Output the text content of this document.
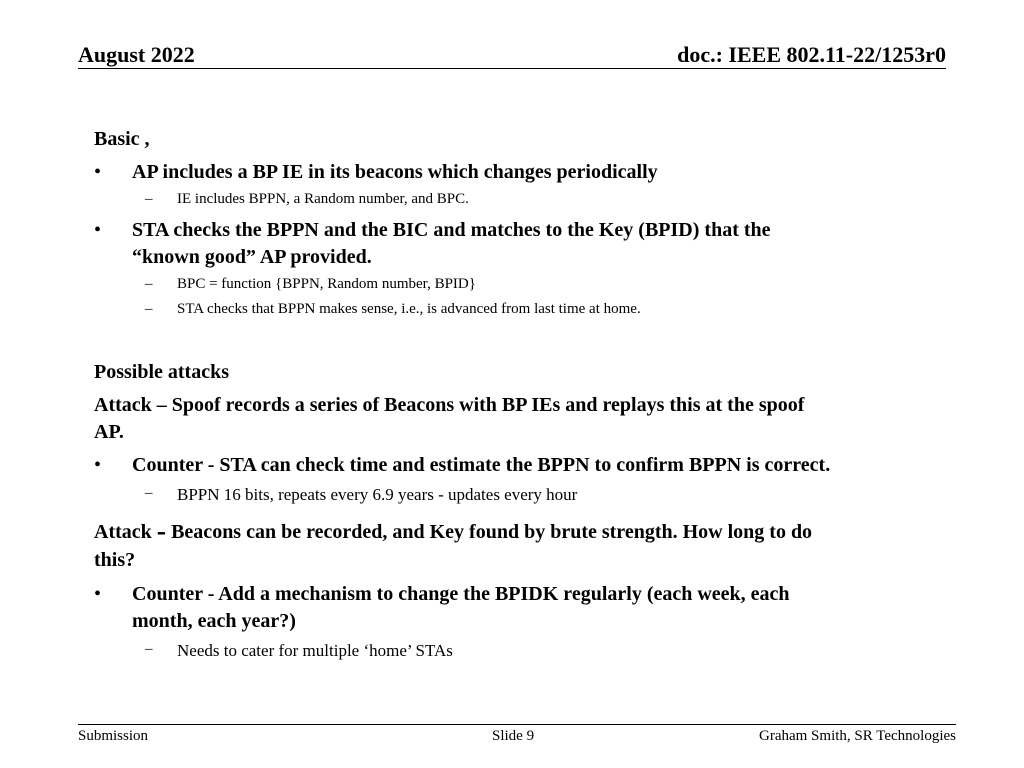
August 2022	doc.: IEEE 802.11-22/1253r0
Basic ,
• AP includes a BP IE in its beacons which changes periodically
– IE includes BPPN, a Random number, and BPC.
• STA checks the BPPN and the BIC and matches to the Key (BPID) that the
“known good” AP provided.
– BPC = function {BPPN, Random number, BPID}
– STA checks that BPPN makes sense, i.e., is advanced from last time at home.
Possible attacks
Attack – Spoof records a series of Beacons with BP IEs and replays this at the spoof
AP.
• Counter - STA can check time and estimate the BPPN to confirm BPPN is correct.
– BPPN 16 bits, repeats every 6.9 years - updates every hour
Attack - Beacons can be recorded, and Key found by brute strength. How long to do
this?
• Counter - Add a mechanism to change the BPIDK regularly (each week, each
month, each year?)
– Needs to cater for multiple ‘home’ STAs
Submission	Slide 9	Graham Smith, SR Technologies
